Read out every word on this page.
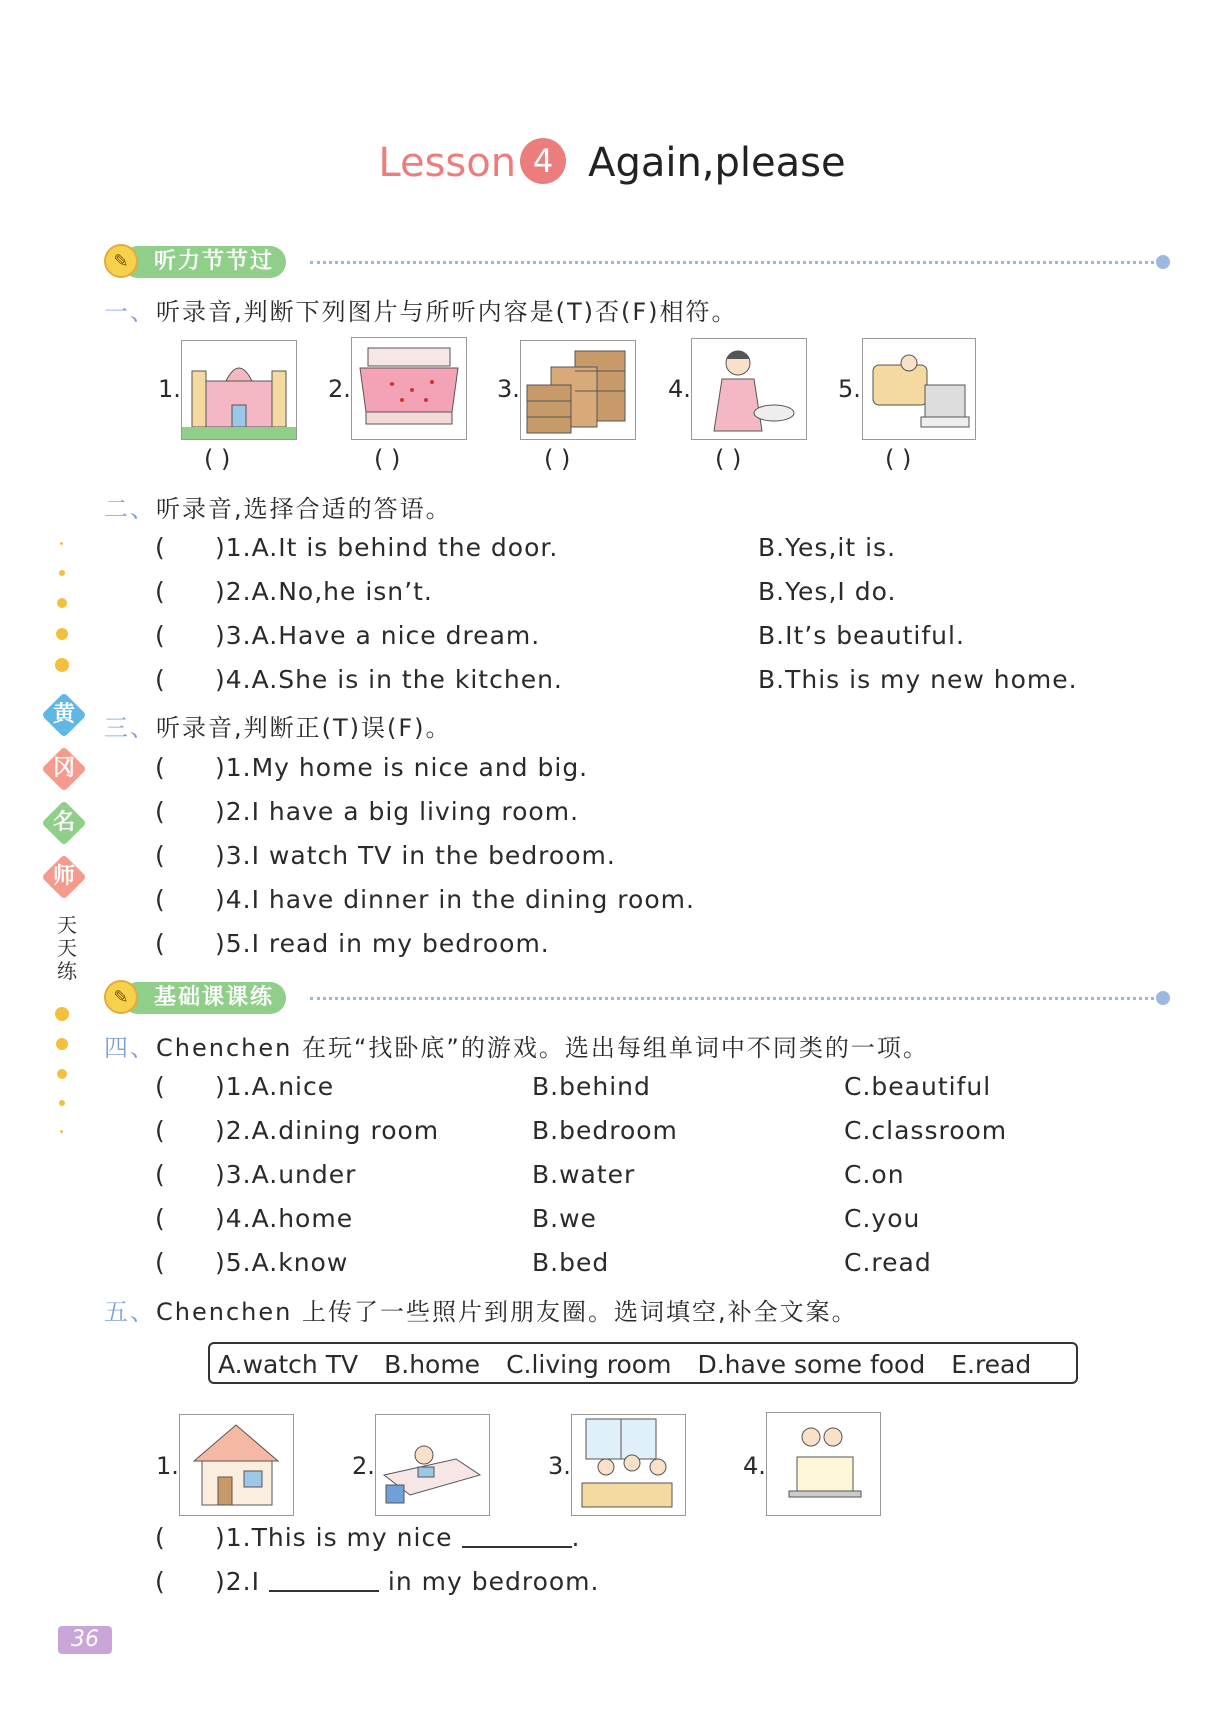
Lesson 4 Again,please
听力节节过
✎
一、听录音,判断下列图片与所听内容是(T)否(F)相符。
1.
( )
2.
( )
3.
( )
4.
( )
5.
( )
二、听录音,选择合适的答语。
( )1.A.It is behind the door.	B.Yes,it is.
( )2.A.No,he isn’t.	B.Yes,I do.
( )3.A.Have a nice dream.	B.It’s beautiful.
( )4.A.She is in the kitchen.	B.This is my new home.
三、听录音,判断正(T)误(F)。
( )1.My home is nice and big.
( )2.I have a big living room.
( )3.I watch TV in the bedroom.
( )4.I have dinner in the dining room.
( )5.I read in my bedroom.
基础课课练
✎
四、Chenchen 在玩“找卧底”的游戏。选出每组单词中不同类的一项。
( )1.A.nice	B.behind	C.beautiful
( )2.A.dining room	B.bedroom	C.classroom
( )3.A.under	B.water	C.on
( )4.A.home	B.we	C.you
( )5.A.know	B.bed	C.read
五、Chenchen 上传了一些照片到朋友圈。选词填空,补全文案。
A.watch TV B.home C.living room D.have some food E.read
1.	2.	3.	4.
( )1.This is my nice	.
( )2.I	in my bedroom.
黄
冈
名
师
天
天
练
36
